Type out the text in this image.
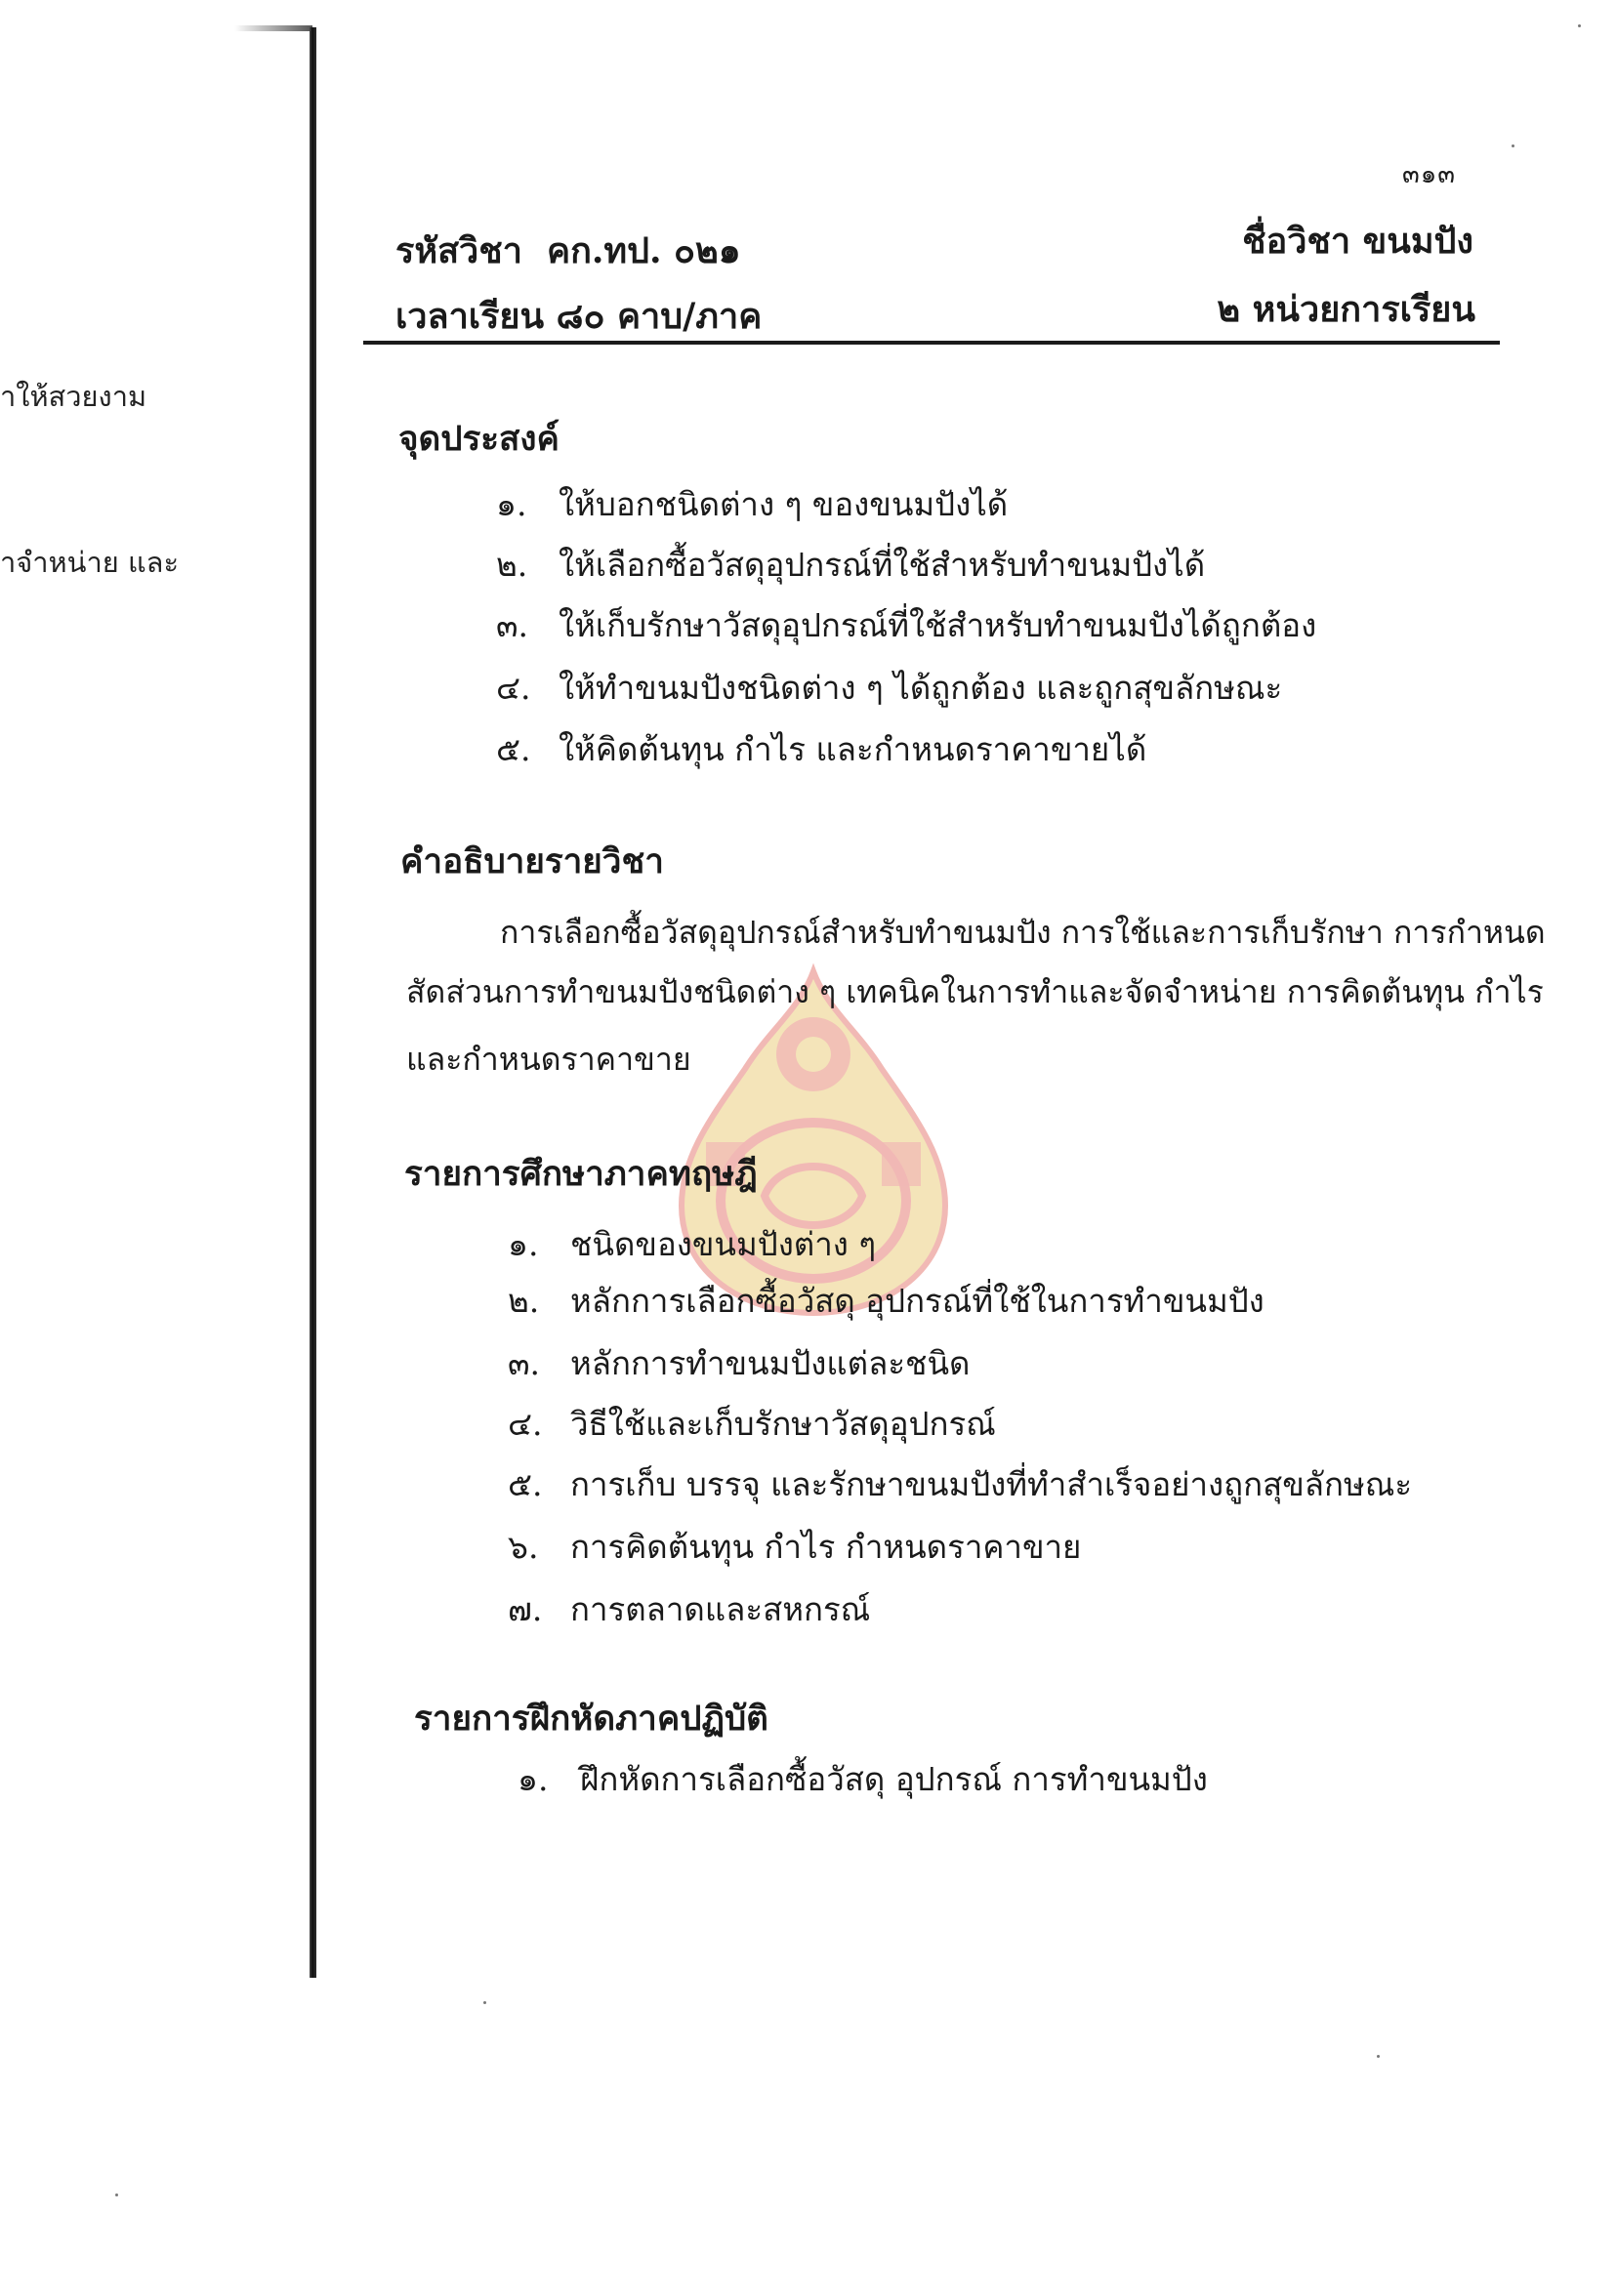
าให้สวยงาม
าจำหน่าย และ
๓๑๓
รหัสวิชา คก.ทป. ๐๒๑
เวลาเรียน ๘๐ คาบ/ภาค
ชื่อวิชา ขนมปัง
๒ หน่วยการเรียน
จุดประสงค์
๑. ให้บอกชนิดต่าง ๆ ของขนมปังได้
๒. ให้เลือกซื้อวัสดุอุปกรณ์ที่ใช้สำหรับทำขนมปังได้
๓. ให้เก็บรักษาวัสดุอุปกรณ์ที่ใช้สำหรับทำขนมปังได้ถูกต้อง
๔. ให้ทำขนมปังชนิดต่าง ๆ ได้ถูกต้อง และถูกสุขลักษณะ
๕. ให้คิดต้นทุน กำไร และกำหนดราคาขายได้
คำอธิบายรายวิชา
การเลือกซื้อวัสดุอุปกรณ์สำหรับทำขนมปัง การใช้และการเก็บรักษา การกำหนด
สัดส่วนการทำขนมปังชนิดต่าง ๆ เทคนิคในการทำและจัดจำหน่าย การคิดต้นทุน กำไร
และกำหนดราคาขาย
รายการศึกษาภาคทฤษฎี
๑. ชนิดของขนมปังต่าง ๆ
๒. หลักการเลือกซื้อวัสดุ อุปกรณ์ที่ใช้ในการทำขนมปัง
๓. หลักการทำขนมปังแต่ละชนิด
๔. วิธีใช้และเก็บรักษาวัสดุอุปกรณ์
๕. การเก็บ บรรจุ และรักษาขนมปังที่ทำสำเร็จอย่างถูกสุขลักษณะ
๖. การคิดต้นทุน กำไร กำหนดราคาขาย
๗. การตลาดและสหกรณ์
รายการฝึกหัดภาคปฏิบัติ
๑. ฝึกหัดการเลือกซื้อวัสดุ อุปกรณ์ การทำขนมปัง
